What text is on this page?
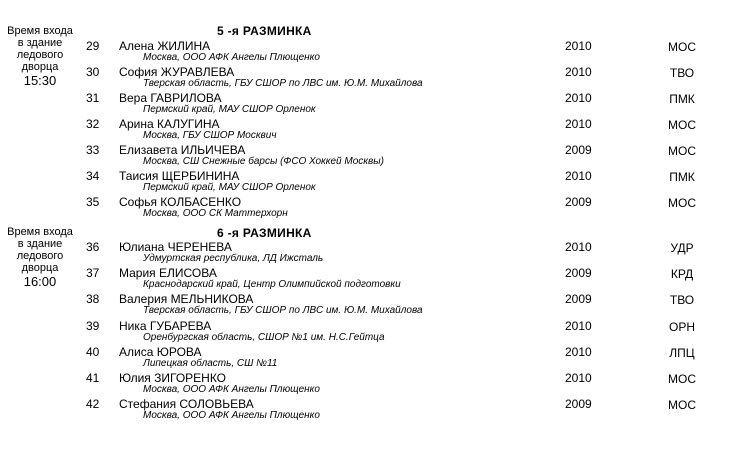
5 -я РАЗМИНКА
Время входа
в здание
ледового дворца
15:30
29 Алена ЖИЛИНА
Москва, ООО АФК Ангелы Плющенко
2010	МОС
30 София ЖУРАВЛЕВА
Тверская область, ГБУ СШОР по ЛВС им. Ю.М. Михайлова
2010	ТВО
31 Вера ГАВРИЛОВА
Пермский край, МАУ СШОР Орленок
2010	ПМК
32 Арина КАЛУГИНА
Москва, ГБУ СШОР Москвич
2010	МОС
33 Елизавета ИЛЬИЧЕВА
Москва, СШ Снежные барсы (ФСО Хоккей Москвы)
2009	МОС
34 Таисия ЩЕРБИНИНА
Пермский край, МАУ СШОР Орленок
2010	ПМК
35 Софья КОЛБАСЕНКО
Москва, ООО СК Маттерхорн
2009	МОС
6 -я РАЗМИНКА
Время входа
в здание
ледового дворца
16:00
36 Юлиана ЧЕРЕНЕВА
Удмуртская республика, ЛД Ижсталь
2010	УДР
37 Мария ЕЛИСОВА
Краснодарский край, Центр Олимпийской подготовки
2009	КРД
38 Валерия МЕЛЬНИКОВА
Тверская область, ГБУ СШОР по ЛВС им. Ю.М. Михайлова
2009	ТВО
39 Ника ГУБАРЕВА
Оренбургская область, СШОР №1 им. Н.С.Гейтца
2010	ОРН
40 Алиса ЮРОВА
Липецкая область, СШ №11
2010	ЛПЦ
41 Юлия ЗИГОРЕНКО
Москва, ООО АФК Ангелы Плющенко
2010	МОС
42 Стефания СОЛОВЬЕВА
Москва, ООО АФК Ангелы Плющенко
2009	МОС
